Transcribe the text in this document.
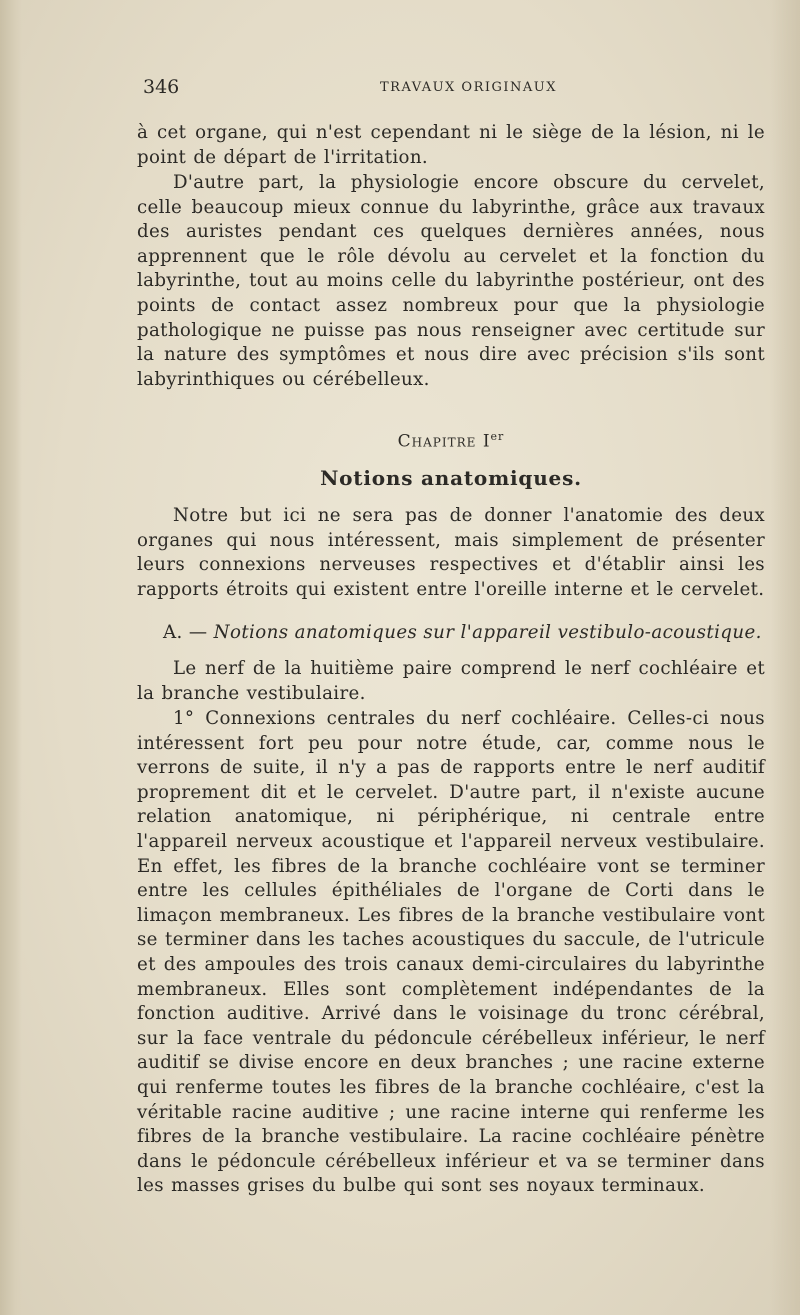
346	TRAVAUX ORIGINAUX

à cet organe, qui n'est cependant ni le siège de la lésion, ni le point de départ de l'irritation.

D'autre part, la physiologie encore obscure du cervelet, celle beaucoup mieux connue du labyrinthe, grâce aux travaux des auristes pendant ces quelques dernières années, nous apprennent que le rôle dévolu au cervelet et la fonction du labyrinthe, tout au moins celle du labyrinthe postérieur, ont des points de contact assez nombreux pour que la physiologie pathologique ne puisse pas nous renseigner avec certitude sur la nature des symptômes et nous dire avec précision s'ils sont labyrinthiques ou cérébelleux.

Chapitre Ier
Notions anatomiques.

Notre but ici ne sera pas de donner l'anatomie des deux organes qui nous intéressent, mais simplement de présenter leurs connexions nerveuses respectives et d'établir ainsi les rapports étroits qui existent entre l'oreille interne et le cervelet.

A. — Notions anatomiques sur l'appareil vestibulo-acoustique.

Le nerf de la huitième paire comprend le nerf cochléaire et la branche vestibulaire.

1° Connexions centrales du nerf cochléaire. Celles-ci nous intéressent fort peu pour notre étude, car, comme nous le verrons de suite, il n'y a pas de rapports entre le nerf auditif proprement dit et le cervelet. D'autre part, il n'existe aucune relation anatomique, ni périphérique, ni centrale entre l'appareil nerveux acoustique et l'appareil nerveux vestibulaire. En effet, les fibres de la branche cochléaire vont se terminer entre les cellules épithéliales de l'organe de Corti dans le limaçon membraneux. Les fibres de la branche vestibulaire vont se terminer dans les taches acoustiques du saccule, de l'utricule et des ampoules des trois canaux demi-circulaires du labyrinthe membraneux. Elles sont complètement indépendantes de la fonction auditive. Arrivé dans le voisinage du tronc cérébral, sur la face ventrale du pédoncule cérébelleux inférieur, le nerf auditif se divise encore en deux branches ; une racine externe qui renferme toutes les fibres de la branche cochléaire, c'est la véritable racine auditive ; une racine interne qui renferme les fibres de la branche vestibulaire. La racine cochléaire pénètre dans le pédoncule cérébelleux inférieur et va se terminer dans les masses grises du bulbe qui sont ses noyaux terminaux.
